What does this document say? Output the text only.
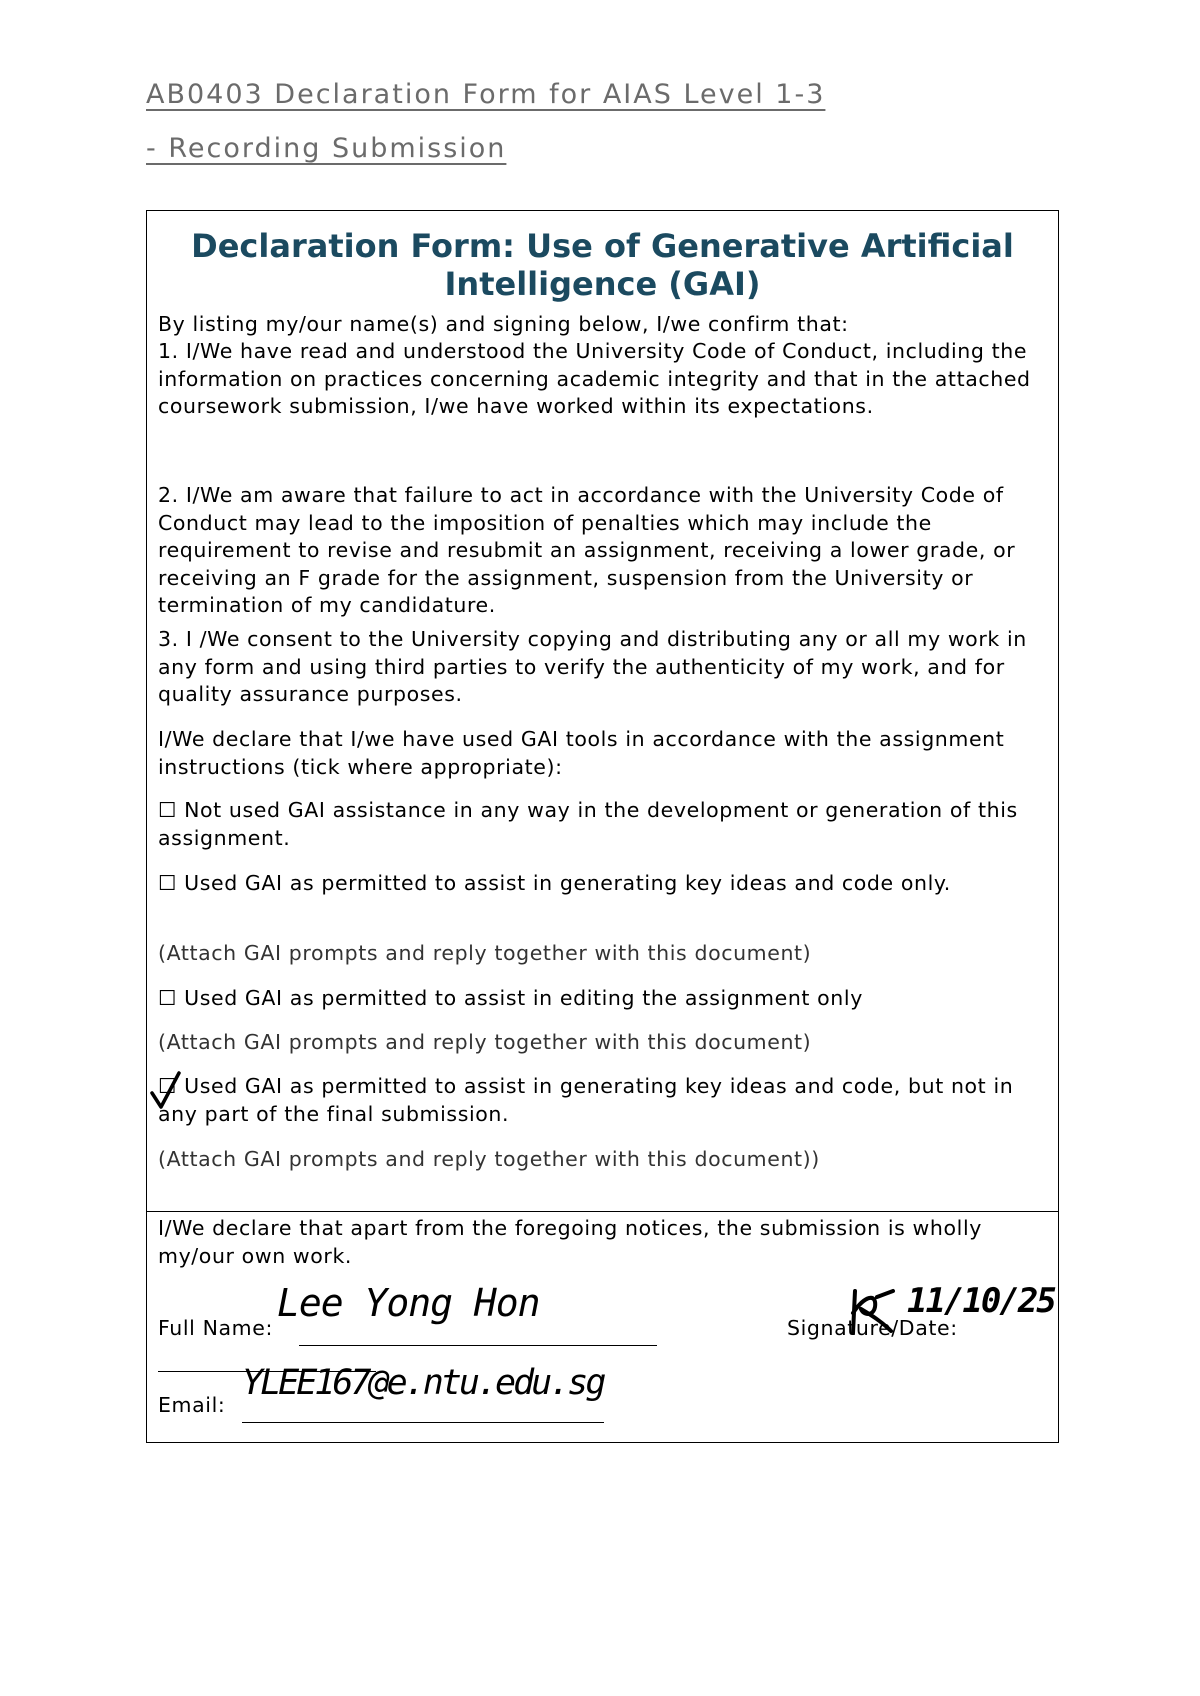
AB0403 Declaration Form for AIAS Level 1-3
- Recording Submission
Declaration Form: Use of Generative Artificial Intelligence (GAI)
By listing my/our name(s) and signing below, I/we confirm that:
1. I/We have read and understood the University Code of Conduct, including the information on practices concerning academic integrity and that in the attached coursework submission, I/we have worked within its expectations.
2. I/We am aware that failure to act in accordance with the University Code of Conduct may lead to the imposition of penalties which may include the requirement to revise and resubmit an assignment, receiving a lower grade, or receiving an F grade for the assignment, suspension from the University or termination of my candidature.
3. I /We consent to the University copying and distributing any or all my work in any form and using third parties to verify the authenticity of my work, and for quality assurance purposes.
I/We declare that I/we have used GAI tools in accordance with the assignment instructions (tick where appropriate):
☐ Not used GAI assistance in any way in the development or generation of this assignment.
☐ Used GAI as permitted to assist in generating key ideas and code only.
(Attach GAI prompts and reply together with this document)
☐ Used GAI as permitted to assist in editing the assignment only
(Attach GAI prompts and reply together with this document)
☐ Used GAI as permitted to assist in generating key ideas and code, but not in any part of the final submission.
(Attach GAI prompts and reply together with this document))
I/We declare that apart from the foregoing notices, the submission is wholly my/our own work.
Full Name:
Lee Yong Hon
Signature/Date:
11/10/25
Email:
YLEE167@e.ntu.edu.sg
